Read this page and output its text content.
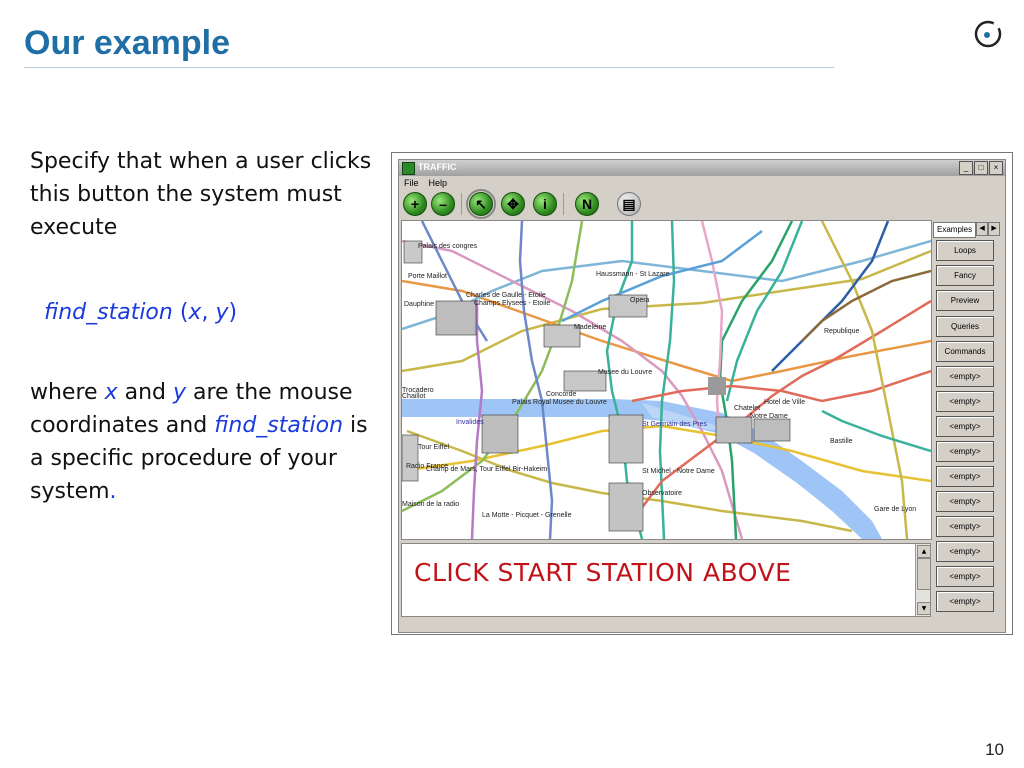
Our example
Specify that when a user clicks this button the system must execute
find_station (x, y)
where x and y are the mouse coordinates and find_station is a specific procedure of your system.
10
TRAFFIC	_	□	×
File Help
+	–	↖	✥	i	N	▤
Palais des congres
Porte Maillot
Charles de Gaulle - Etoile
Champs Elysees - Etoile
Haussmann - St Lazare
Opera
Madeleine
Dauphine
Republique
Musee du Louvre
Concorde
Palais Royal Musee du Louvre	Hotel de Ville
Chatelet
Notre Dame
Invalides	St Germain des Pres
Bastille
Tour Eiffel
Radio France
Champ de Mars, Tour Eiffel Bir-Hakeim	St Michel - Notre Dame
Observatoire
Gare de Lyon
La Motte - Picquet - Grenelle
Maison de la radio
Chaillot
Trocadero
Examples ◀ ▶
Loops
Fancy
Preview
Queries
Commands
<empty>
<empty>
<empty>
<empty>
<empty>
<empty>
<empty>
<empty>
<empty>
<empty>
CLICK START STATION ABOVE
▲
▼
